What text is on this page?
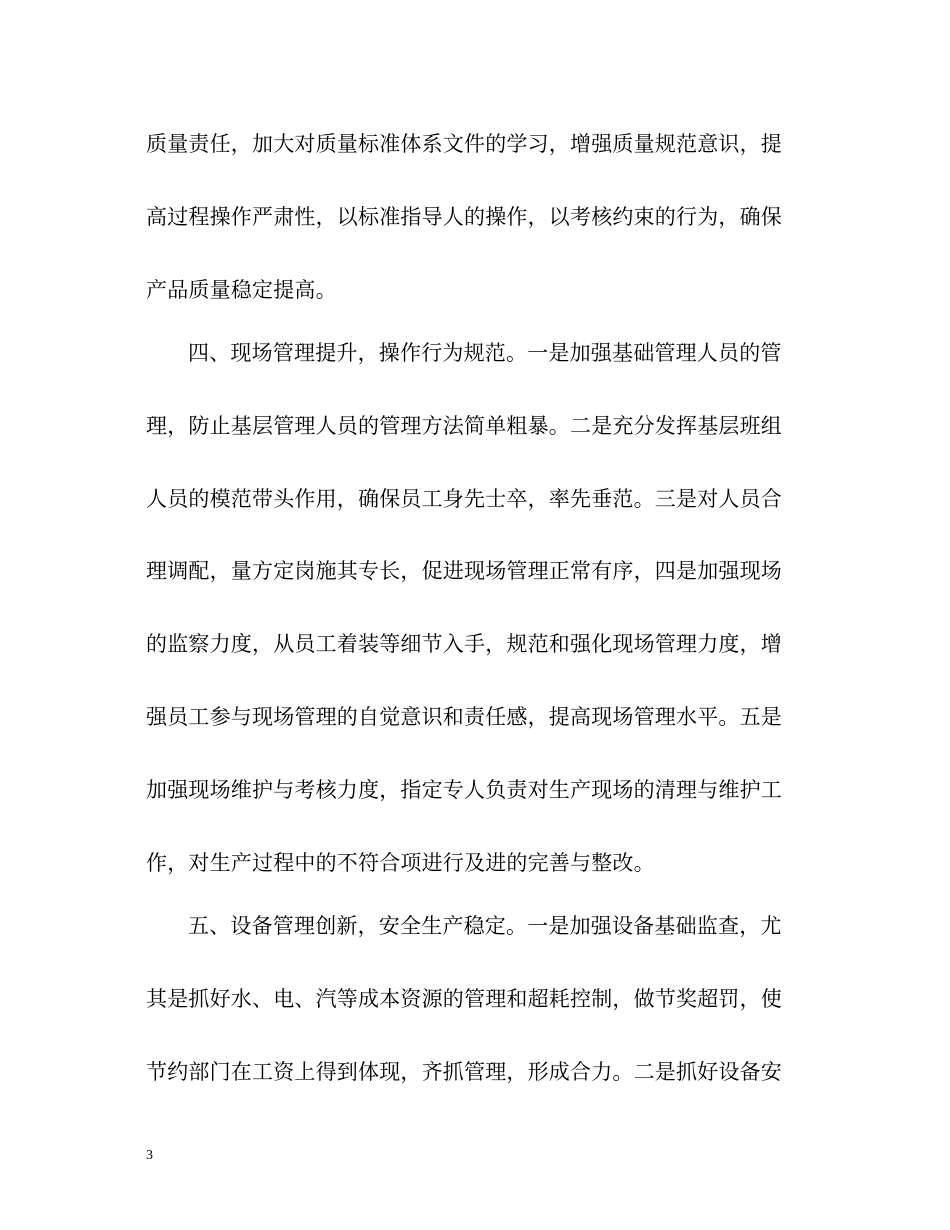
质量责任，加大对质量标准体系文件的学习，增强质量规范意识，提
高过程操作严肃性，以标准指导人的操作，以考核约束的行为，确保
产品质量稳定提高。
四、现场管理提升，操作行为规范。一是加强基础管理人员的管
理，防止基层管理人员的管理方法简单粗暴。二是充分发挥基层班组
人员的模范带头作用，确保员工身先士卒，率先垂范。三是对人员合
理调配，量方定岗施其专长，促进现场管理正常有序，四是加强现场
的监察力度，从员工着装等细节入手，规范和强化现场管理力度，增
强员工参与现场管理的自觉意识和责任感，提高现场管理水平。五是
加强现场维护与考核力度，指定专人负责对生产现场的清理与维护工
作，对生产过程中的不符合项进行及进的完善与整改。
五、设备管理创新，安全生产稳定。一是加强设备基础监查，尤
其是抓好水、电、汽等成本资源的管理和超耗控制，做节奖超罚，使
节约部门在工资上得到体现，齐抓管理，形成合力。二是抓好设备安
3
